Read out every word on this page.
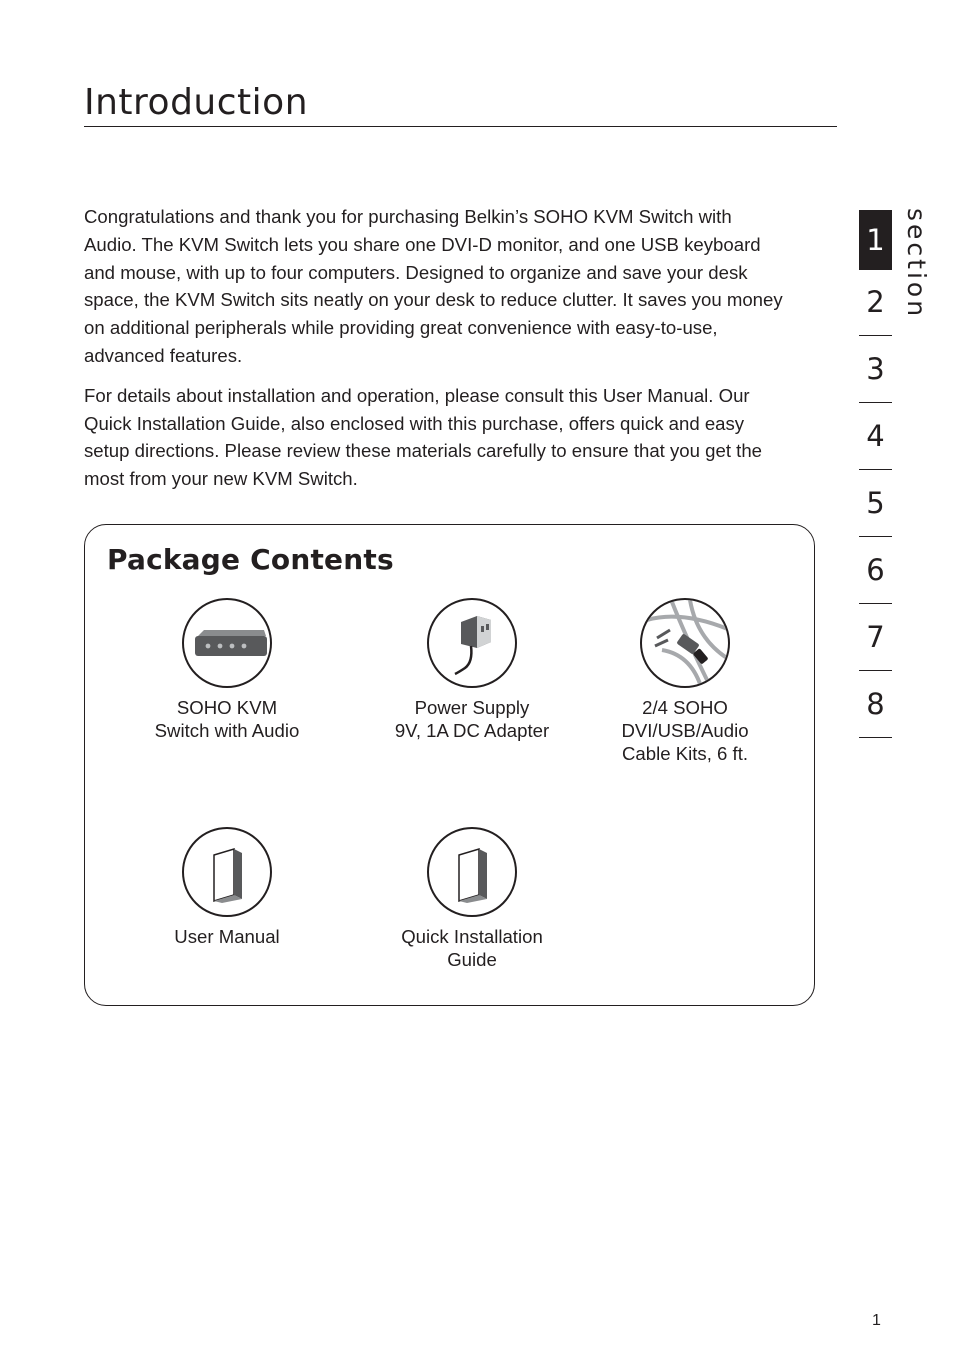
Introduction

Congratulations and thank you for purchasing Belkin’s SOHO KVM Switch with Audio. The KVM Switch lets you share one DVI-D monitor, and one USB keyboard and mouse, with up to four computers. Designed to organize and save your desk space, the KVM Switch sits neatly on your desk to reduce clutter. It saves you money on additional peripherals while providing great convenience with easy-to-use, advanced features.

For details about installation and operation, please consult this User Manual. Our Quick Installation Guide, also enclosed with this purchase, offers quick and easy setup directions. Please review these materials carefully to ensure that you get the most from your new KVM Switch.

section
1
2
3
4
5
6
7
8
Package Contents
SOHO KVM
Switch with Audio
Power Supply
9V, 1A DC Adapter
2/4 SOHO
DVI/USB/Audio
Cable Kits, 6 ft.
User Manual	Quick Installation
Guide
1
